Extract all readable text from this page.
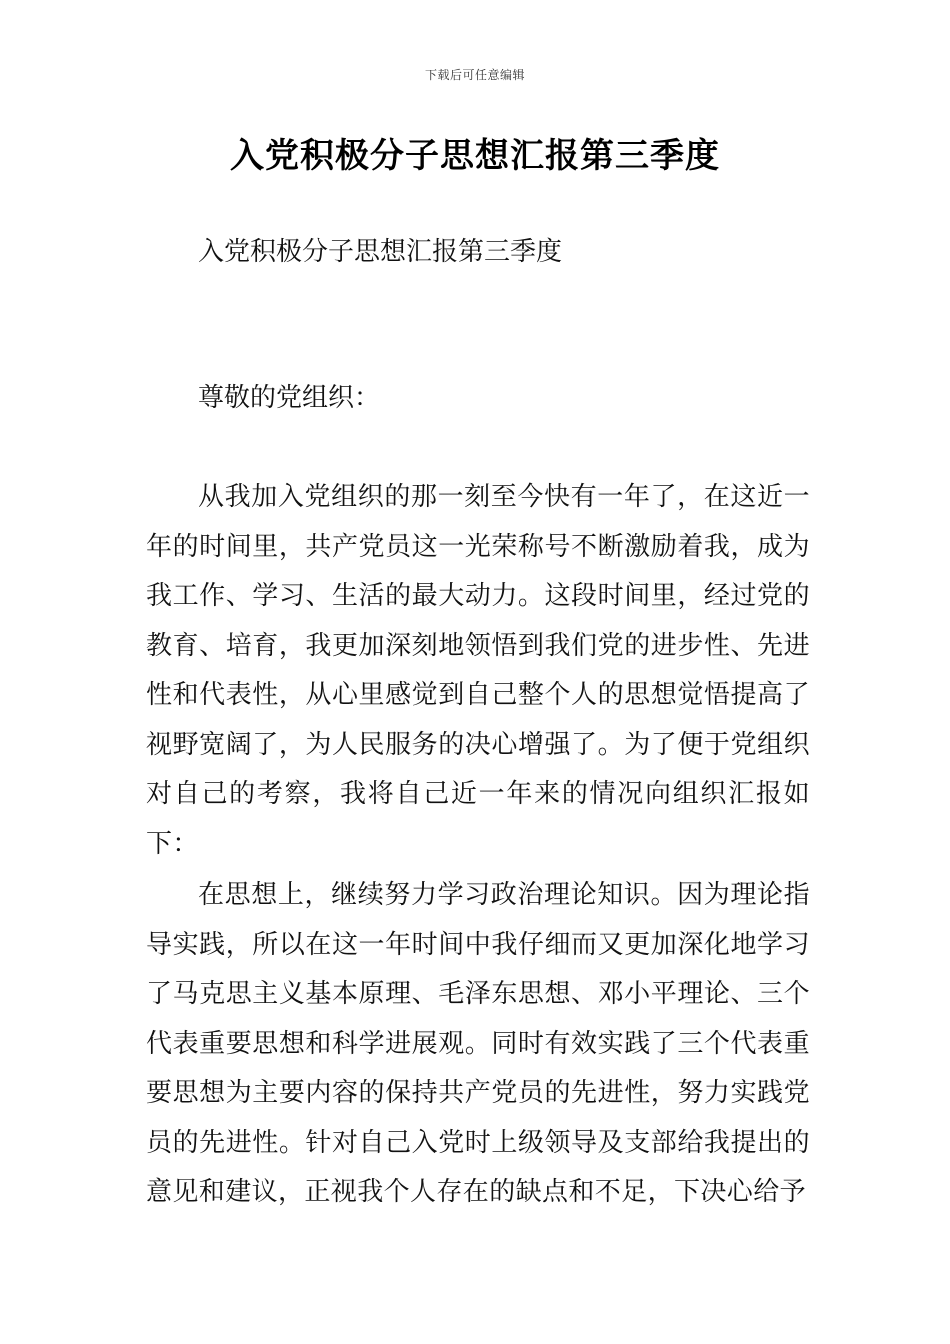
下载后可任意编辑
入党积极分子思想汇报第三季度

入党积极分子思想汇报第三季度

尊敬的党组织：

从我加入党组织的那一刻至今快有一年了，在这近一年的时间里，共产党员这一光荣称号不断激励着我，成为我工作、学习、生活的最大动力。这段时间里，经过党的教育、培育，我更加深刻地领悟到我们党的进步性、先进性和代表性，从心里感觉到自己整个人的思想觉悟提高了视野宽阔了，为人民服务的决心增强了。为了便于党组织对自己的考察，我将自己近一年来的情况向组织汇报如下：

在思想上，继续努力学习政治理论知识。因为理论指导实践，所以在这一年时间中我仔细而又更加深化地学习了马克思主义基本原理、毛泽东思想、邓小平理论、三个代表重要思想和科学进展观。同时有效实践了三个代表重要思想为主要内容的保持共产党员的先进性，努力实践党员的先进性。针对自己入党时上级领导及支部给我提出的意见和建议，正视我个人存在的缺点和不足，下决心给予
